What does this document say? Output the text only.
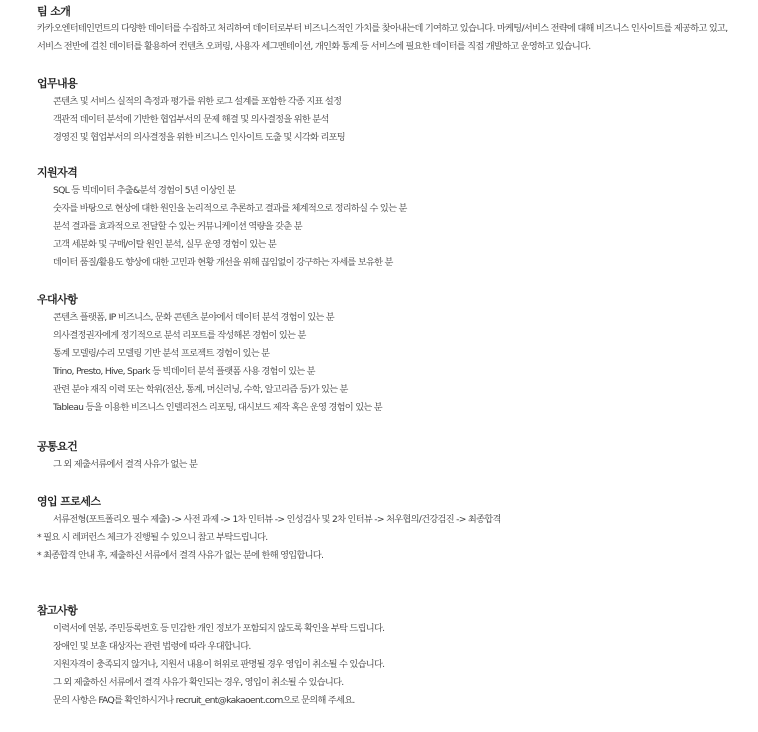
팀 소개
카카오엔터테인먼트의 다양한 데이터를 수집하고 처리하여 데이터로부터 비즈니스적인 가치를 찾아내는데 기여하고 있습니다. 마케팅/서비스 전략에 대해 비즈니스 인사이트를 제공하고 있고,
서비스 전반에 걸친 데이터를 활용하여 컨텐츠 오퍼링, 사용자 세그멘테이션, 개인화 통계 등 서비스에 필요한 데이터를 직접 개발하고 운영하고 있습니다.
업무내용
콘텐츠 및 서비스 실적의 측정과 평가를 위한 로그 설계를 포함한 각종 지표 설정
객관적 데이터 분석에 기반한 협업부서의 문제 해결 및 의사결정을 위한 분석
경영진 및 협업부서의 의사결정을 위한 비즈니스 인사이트 도출 및 시각화 리포팅
지원자격
SQL 등 빅데이터 추출&분석 경험이 5년 이상인 분
숫자를 바탕으로 현상에 대한 원인을 논리적으로 추론하고 결과를 체계적으로 정리하실 수 있는 분
분석 결과를 효과적으로 전달할 수 있는 커뮤니케이션 역량을 갖춘 분
고객 세분화 및 구매/이탈 원인 분석, 실무 운영 경험이 있는 분
데이터 품질/활용도 향상에 대한 고민과 현황 개선을 위해 끊임없이 강구하는 자세를 보유한 분
우대사항
콘텐츠 플랫폼, IP 비즈니스, 문화 콘텐츠 분야에서 데이터 분석 경험이 있는 분
의사결정권자에게 정기적으로 분석 리포트를 작성해본 경험이 있는 분
통계 모델링/수리 모델링 기반 분석 프로젝트 경험이 있는 분
Trino, Presto, Hive, Spark 등 빅데이터 분석 플랫폼 사용 경험이 있는 분
관련 분야 재직 이력 또는 학위(전산, 통계, 머신러닝, 수학, 알고리즘 등)가 있는 분
Tableau 등을 이용한 비즈니스 인텔리전스 리포팅, 대시보드 제작 혹은 운영 경험이 있는 분
공통요건
그 외 제출서류에서 결격 사유가 없는 분
영입 프로세스
서류전형(포트폴리오 필수 제출) -> 사전 과제 -> 1차 인터뷰 -> 인성검사 및 2차 인터뷰 -> 처우협의/건강검진 -> 최종합격
* 필요 시 레퍼런스 체크가 진행될 수 있으니 참고 부탁드립니다.
* 최종합격 안내 후, 제출하신 서류에서 결격 사유가 없는 분에 한해 영입합니다.
참고사항
이력서에 연봉, 주민등록번호 등 민감한 개인 정보가 포함되지 않도록 확인을 부탁 드립니다.
장애인 및 보훈 대상자는 관련 법령에 따라 우대합니다.
지원자격이 충족되지 않거나, 지원서 내용이 허위로 판명될 경우 영입이 취소될 수 있습니다.
그 외 제출하신 서류에서 결격 사유가 확인되는 경우, 영입이 취소될 수 있습니다.
문의 사항은 FAQ를 확인하시거나 recruit_ent@kakaoent.com으로 문의해 주세요.
